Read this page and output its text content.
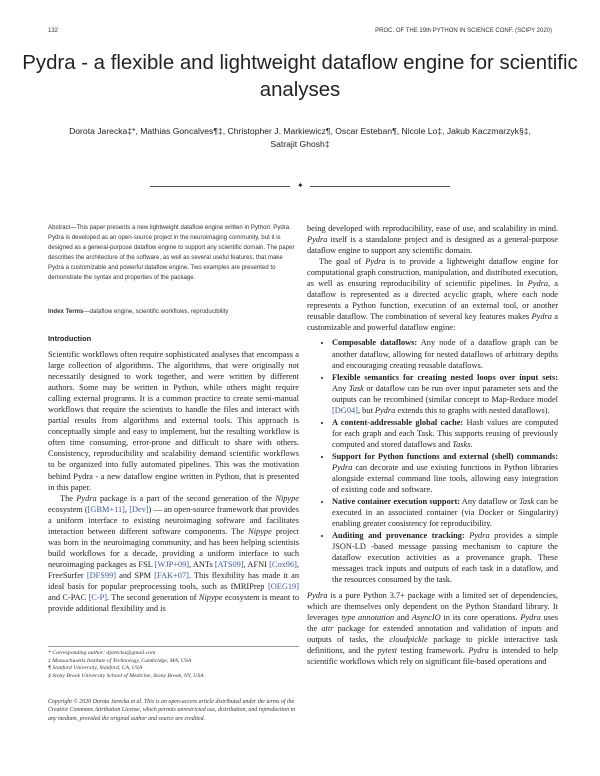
132	PROC. OF THE 19th PYTHON IN SCIENCE CONF. (SCIPY 2020)
Pydra - a flexible and lightweight dataflow engine for scientific analyses
Dorota Jarecka‡*, Mathias Goncalves¶‡, Christopher J. Markiewicz¶, Oscar Esteban¶, Nicole Lo‡, Jakub Kaczmarzyk§‡, Satrajit Ghosh‡
✦
Abstract—This paper presents a new lightweight dataflow engine written in Python: Pydra. Pydra is developed as an open-source project in the neuroimaging community, but it is designed as a general-purpose dataflow engine to support any scientific domain. The paper describes the architecture of the software, as well as several useful features, that make Pydra a customizable and powerful dataflow engine. Two examples are presented to demonstrate the syntax and properties of the package.
Index Terms—dataflow engine, scientific workflows, reproducibility
Introduction

Scientific workflows often require sophisticated analyses that encompass a large collection of algorithms. The algorithms, that were originally not necessarily designed to work together, and were written by different authors. Some may be written in Python, while others might require calling external programs. It is a common practice to create semi-manual workflows that require the scientists to handle the files and interact with partial results from algorithms and external tools. This approach is conceptually simple and easy to implement, but the resulting workflow is often time consuming, error-prone and difficult to share with others. Consistency, reproducibility and scalability demand scientific workflows to be organized into fully automated pipelines. This was the motivation behind Pydra - a new dataflow engine written in Python, that is presented in this paper.

The Pydra package is a part of the second generation of the Nipype ecosystem ([GBM+11], [Dev]) — an open-source framework that provides a uniform interface to existing neuroimaging software and facilitates interaction between different software components. The Nipype project was born in the neuroimaging community, and has been helping scientists build workflows for a decade, providing a uniform interface to such neuroimaging packages as FSL [WJP+09], ANTs [ATS09], AFNI [Cox96], FreeSurfer [DFS99] and SPM [FAK+07]. This flexibility has made it an ideal basis for popular preprocessing tools, such as fMRIPrep [OEG19] and C-PAC [C-P]. The second generation of Nipype ecosystem is meant to provide additional flexibility and is

* Corresponding author: djarecka@gmail.com
‡ Massachusetts Institute of Technology, Cambridge, MA, USA
¶ Stanford University, Stanford, CA, USA
§ Stony Brook University School of Medicine, Stony Brook, NY, USA
Copyright © 2020 Dorota Jarecka et al. This is an open-access article distributed under the terms of the Creative Commons Attribution License, which permits unrestricted use, distribution, and reproduction in any medium, provided the original author and source are credited.

being developed with reproducibility, ease of use, and scalability in mind. Pydra itself is a standalone project and is designed as a general-purpose dataflow engine to support any scientific domain.

The goal of Pydra is to provide a lightweight dataflow engine for computational graph construction, manipulation, and distributed execution, as well as ensuring reproducibility of scientific pipelines. In Pydra, a dataflow is represented as a directed acyclic graph, where each node represents a Python function, execution of an external tool, or another reusable dataflow. The combination of several key features makes Pydra a customizable and powerful dataflow engine:

• Composable dataflows: Any node of a dataflow graph can be another dataflow, allowing for nested dataflows of arbitrary depths and encouraging creating reusable dataflows.
• Flexible semantics for creating nested loops over input sets: Any Task or dataflow can be run over input parameter sets and the outputs can be recombined (similar concept to Map-Reduce model [DG04], but Pydra extends this to graphs with nested dataflows).
• A content-addressable global cache: Hash values are computed for each graph and each Task. This supports reusing of previously computed and stored dataflows and Tasks.
• Support for Python functions and external (shell) commands: Pydra can decorate and use existing functions in Python libraries alongside external command line tools, allowing easy integration of existing code and software.
• Native container execution support: Any dataflow or Task can be executed in an associated container (via Docker or Singularity) enabling greater consistency for reproducibility.
• Auditing and provenance tracking: Pydra provides a simple JSON-LD -based message passing mechanism to capture the dataflow execution activities as a provenance graph. These messages track inputs and outputs of each task in a dataflow, and the resources consumed by the task.

Pydra is a pure Python 3.7+ package with a limited set of dependencies, which are themselves only dependent on the Python Standard library. It leverages type annotation and AsyncIO in its core operations. Pydra uses the attr package for extended annotation and validation of inputs and outputs of tasks, the cloudpickle package to pickle interactive task definitions, and the pytest testing framework. Pydra is intended to help scientific workflows which rely on significant file-based operations and
